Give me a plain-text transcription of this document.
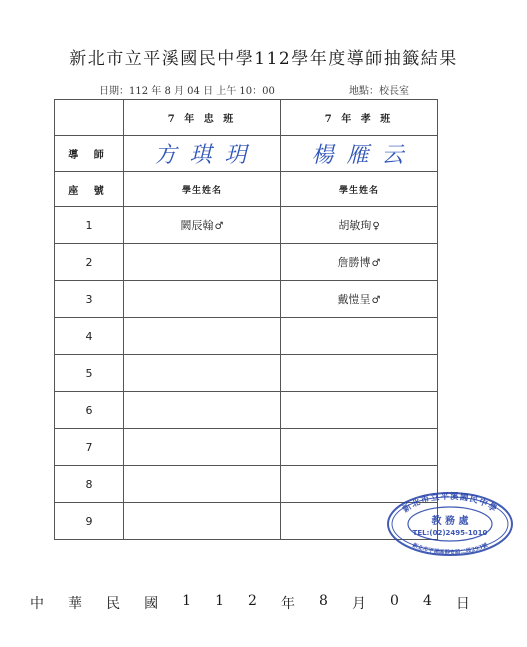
新北市立平溪國民中學112學年度導師抽籤結果
日期：112 年 8 月 04 日 上午 10：00	地點：校長室
	7 年 忠 班	7 年 孝 班
導 師	方 琪 玥	楊 雁 云
座 號	學生姓名	學生姓名
1	闕辰翰♂	胡敏珣♀
2		詹勝博♂
3		戴愷呈♂
4		
5		
6		
7		
8		
9		
新北市立平溪國民中學
新北市平溪區靜安路二段293號
教 務 處
TEL:(02)2495-1010
中 華 民 國 1 1 2 年 8 月 0 4 日
